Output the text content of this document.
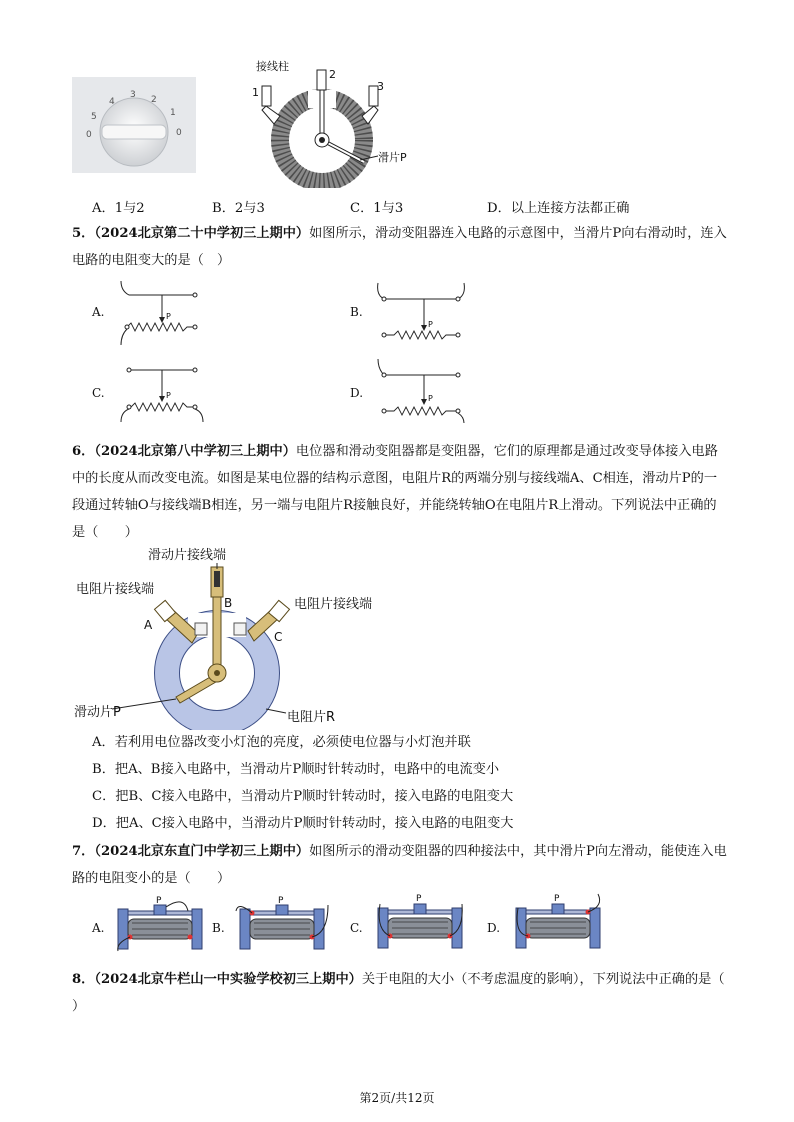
0
5
4
3 2
1
0
接线柱
1
2
3
滑片P
A．1与2	B．2与3	C．1与3	D．以上连接方法都正确
5．（2024北京第二十中学初三上期中）如图所示，滑动变阻器连入电路的示意图中，当滑片P向右滑动时，连入电路的电阻变大的是（　）
A.	B.
C.	D.
P
P
P	P
6．（2024北京第八中学初三上期中）电位器和滑动变阻器都是变阻器，它们的原理都是通过改变导体接入电路中的长度从而改变电流。如图是某电位器的结构示意图，电阻片R的两端分别与接线端A、C相连，滑动片P的一段通过转轴O与接线端B相连，另一端与电阻片R接触良好，并能绕转轴O在电阻片R上滑动。下列说法中正确的是（　　）
滑动片接线端
电阻片接线端
电阻片接线端
A
B
C
滑动片P	电阻片R
A．若利用电位器改变小灯泡的亮度，必须使电位器与小灯泡并联
B．把A、B接入电路中，当滑动片P顺时针转动时，电路中的电流变小
C．把B、C接入电路中，当滑动片P顺时针转动时，接入电路的电阻变大
D．把A、C接入电路中，当滑动片P顺时针转动时，接入电路的电阻变大
7．（2024北京东直门中学初三上期中）如图所示的滑动变阻器的四种接法中，其中滑片P向左滑动，能使连入电路的电阻变小的是（　　）
A.	B.	C.	D.
P	P	P	P
8．（2024北京牛栏山一中实验学校初三上期中）关于电阻的大小（不考虑温度的影响），下列说法中正确的是（ ）
第2页/共12页
